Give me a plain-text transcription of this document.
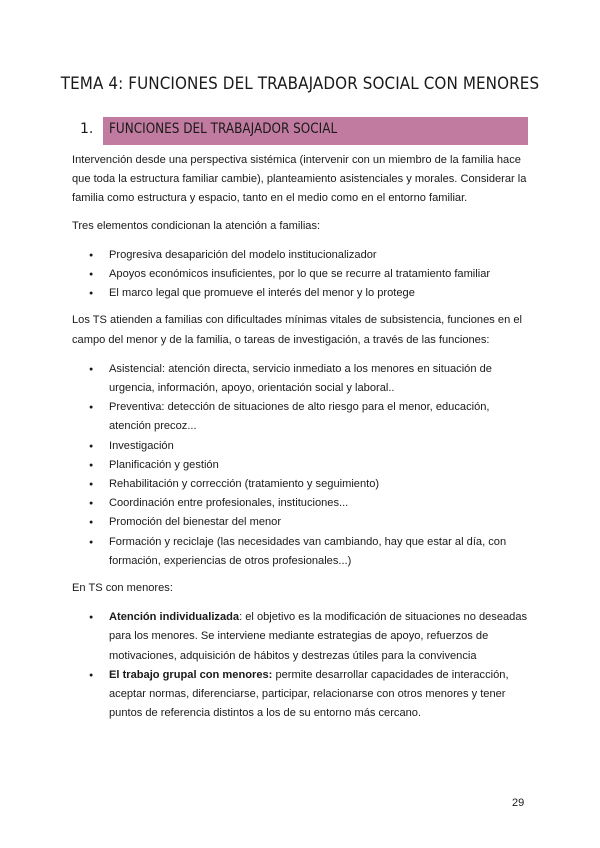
TEMA 4: FUNCIONES DEL TRABAJADOR SOCIAL CON MENORES
1. FUNCIONES DEL TRABAJADOR SOCIAL

Intervención desde una perspectiva sistémica (intervenir con un miembro de la familia hace que toda la estructura familiar cambie), planteamiento asistenciales y morales. Considerar la familia como estructura y espacio, tanto en el medio como en el entorno familiar.

Tres elementos condicionan la atención a familias:

● Progresiva desaparición del modelo institucionalizador
● Apoyos económicos insuficientes, por lo que se recurre al tratamiento familiar
● El marco legal que promueve el interés del menor y lo protege

Los TS atienden a familias con dificultades mínimas vitales de subsistencia, funciones en el campo del menor y de la familia, o tareas de investigación, a través de las funciones:

● Asistencial: atención directa, servicio inmediato a los menores en situación de urgencia, información, apoyo, orientación social y laboral..
● Preventiva: detección de situaciones de alto riesgo para el menor, educación, atención precoz...
● Investigación
● Planificación y gestión
● Rehabilitación y corrección (tratamiento y seguimiento)
● Coordinación entre profesionales, instituciones...
● Promoción del bienestar del menor
● Formación y reciclaje (las necesidades van cambiando, hay que estar al día, con formación, experiencias de otros profesionales...)

En TS con menores:

● Atención individualizada: el objetivo es la modificación de situaciones no deseadas para los menores. Se interviene mediante estrategias de apoyo, refuerzos de motivaciones, adquisición de hábitos y destrezas útiles para la convivencia
● El trabajo grupal con menores: permite desarrollar capacidades de interacción, aceptar normas, diferenciarse, participar, relacionarse con otros menores y tener puntos de referencia distintos a los de su entorno más cercano.
29
